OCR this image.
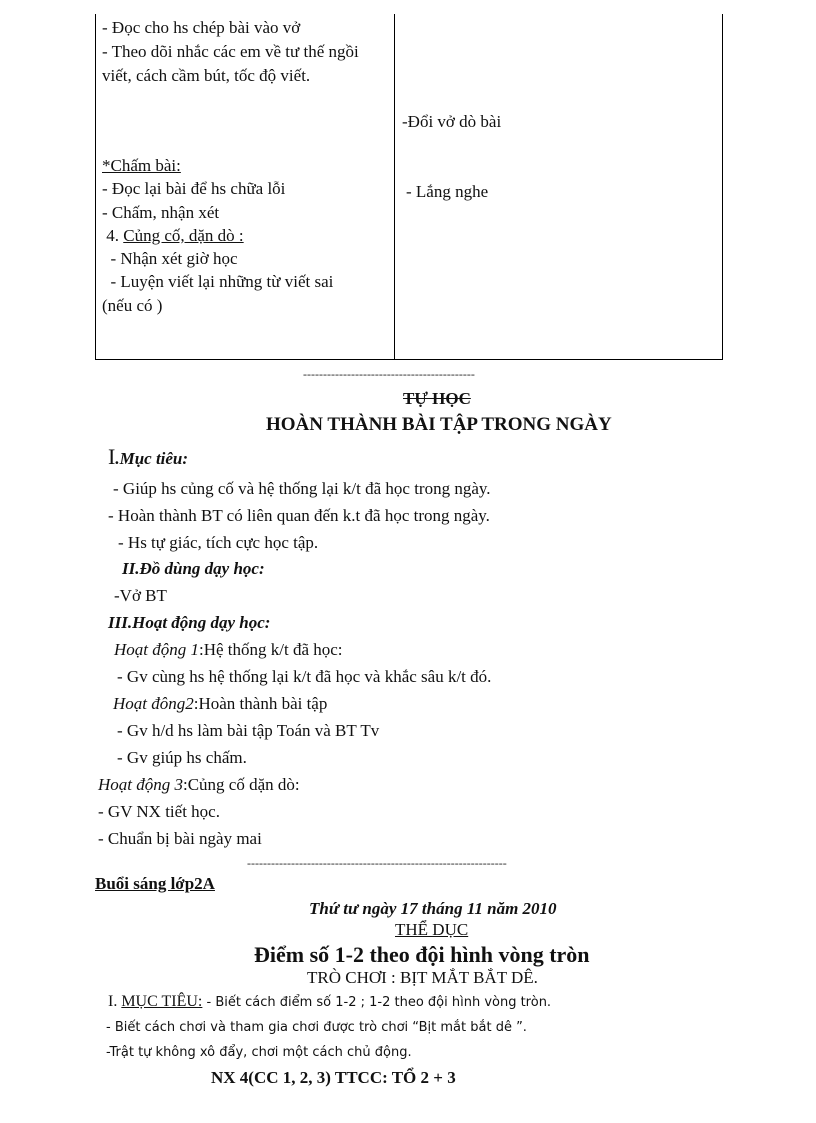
- Đọc cho hs chép bài vào vở
- Theo dõi nhắc các em về tư thế ngồi
viết, cách cầm bút, tốc độ viết.
*Chấm bài:
- Đọc lại bài để hs chữa lỗi
- Chấm, nhận xét
4. Củng cố, dặn dò :
- Nhận xét giờ học
- Luyện viết lại những từ viết sai
(nếu có )
-Đổi vở dò bài
- Lắng nghe
-------------------------------------------
TỰ HỌC
HOÀN THÀNH BÀI TẬP TRONG NGÀY
I.Mục tiêu:
- Giúp hs củng cố và hệ thống lại k/t đã học trong ngày.
- Hoàn thành BT có liên quan đến k.t đã học trong ngày.
- Hs tự giác, tích cực học tập.
II.Đồ dùng dạy học:
-Vở BT
III.Hoạt động dạy học:
Hoạt động 1:Hệ thống k/t đã học:
- Gv cùng hs hệ thống lại k/t đã học và khắc sâu k/t đó.
Hoạt đông2:Hoàn thành bài tập
- Gv h/d hs làm bài tập Toán và BT Tv
- Gv giúp hs chấm.
Hoạt động 3:Củng cố dặn dò:
- GV NX tiết học.
- Chuẩn bị bài ngày mai
-----------------------------------------------------------------
Buổi sáng lớp2A
Thứ tư ngày 17 tháng 11 năm 2010
THỂ DỤC
Điểm số 1-2 theo đội hình vòng tròn
TRÒ CHƠI : BỊT MẮT BẮT DÊ.
I. MỤC TIÊU: - Biết cách điểm số 1-2 ; 1-2 theo đội hình vòng tròn.
- Biết cách chơi và tham gia chơi được trò chơi “Bịt mắt bắt dê ”.
-Trật tự không xô đẩy, chơi một cách chủ động.
NX 4(CC 1, 2, 3) TTCC: TỔ 2 + 3
